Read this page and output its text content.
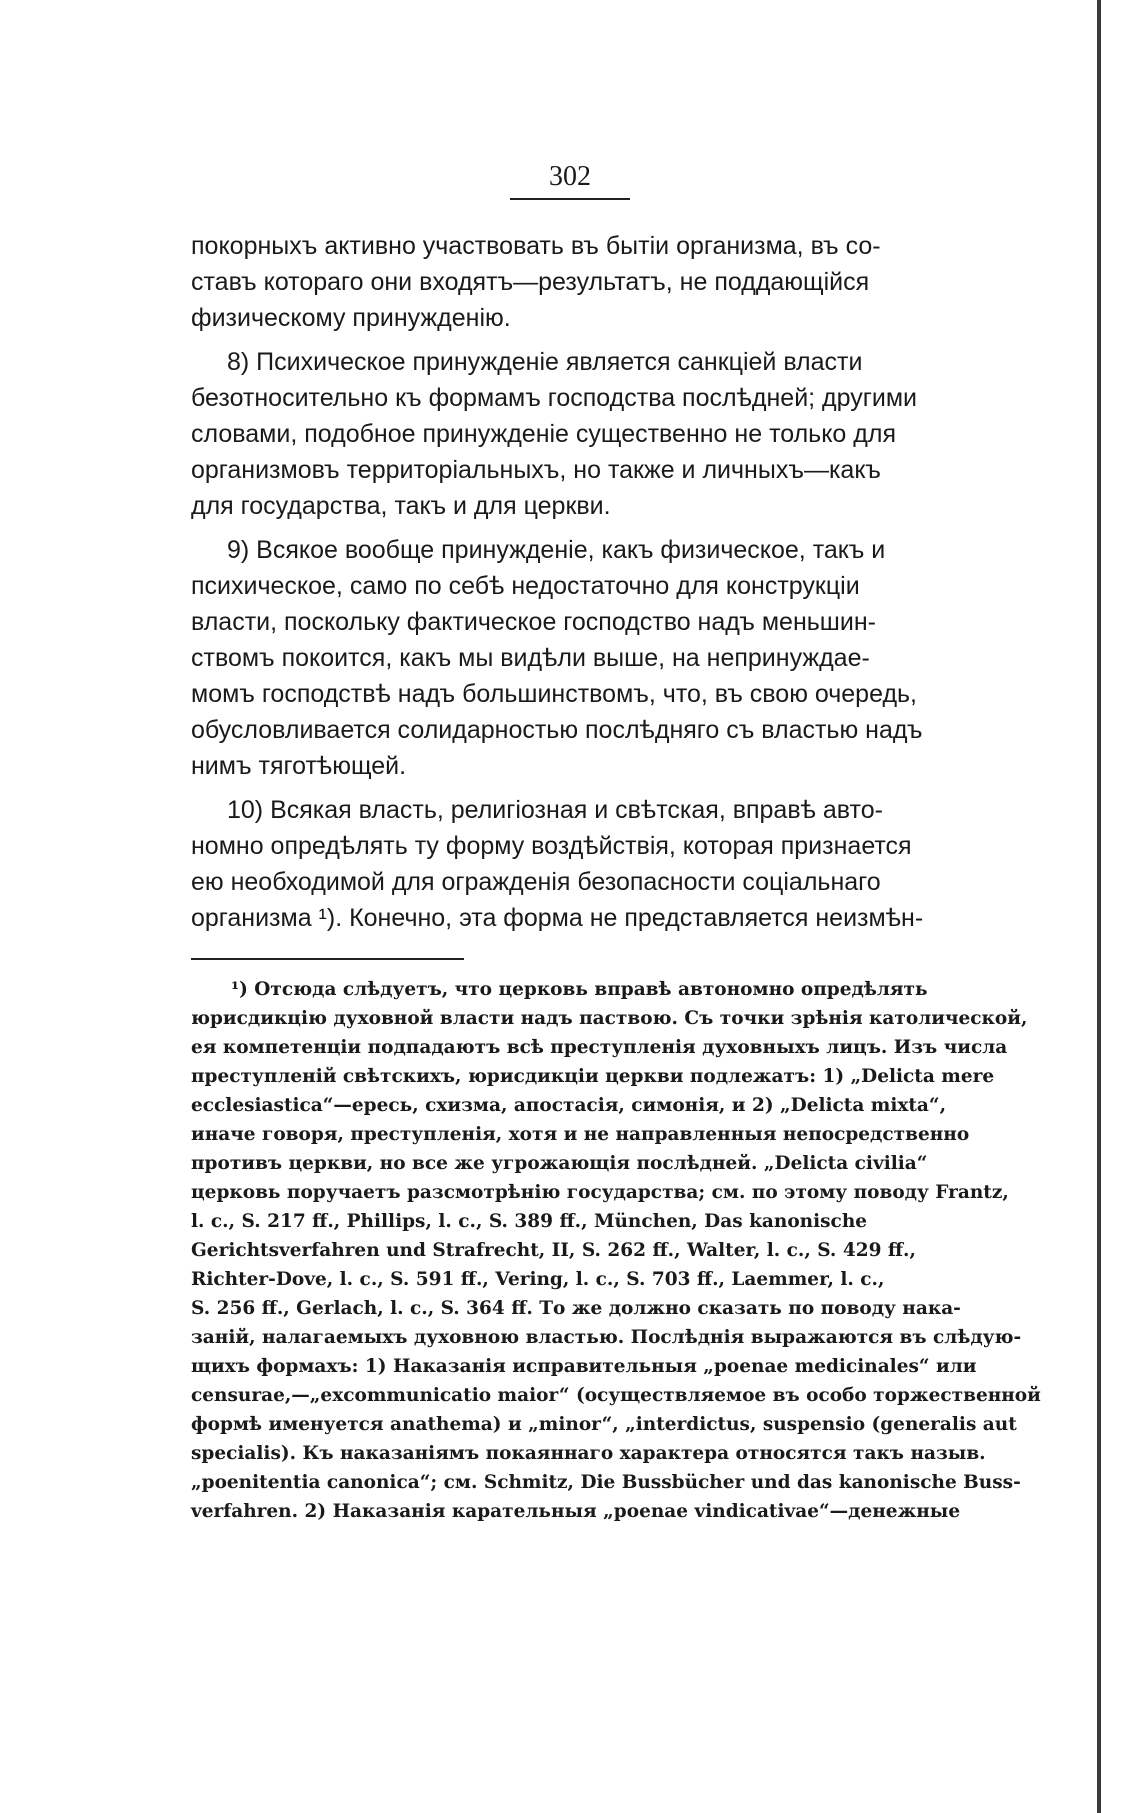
302
покорныхъ активно участвовать въ бытіи организма, въ со-
ставъ котораго они входятъ—результатъ, не поддающійся
физическому принужденію.
8) Психическое принужденіе является санкціей власти
безотносительно къ формамъ господства послѣдней; другими
словами, подобное принужденіе существенно не только для
организмовъ территоріальныхъ, но также и личныхъ—какъ
для государства, такъ и для церкви.
9) Всякое вообще принужденіе, какъ физическое, такъ и
психическое, само по себѣ недостаточно для конструкціи
власти, поскольку фактическое господство надъ меньшин-
ствомъ покоится, какъ мы видѣли выше, на непринуждае-
момъ господствѣ надъ большинствомъ, что, въ свою очередь,
обусловливается солидарностью послѣдняго съ властью надъ
нимъ тяготѣющей.
10) Всякая власть, религіозная и свѣтская, вправѣ авто-
номно опредѣлять ту форму воздѣйствія, которая признается
ею необходимой для огражденія безопасности соціальнаго
организма ¹). Конечно, эта форма не представляется неизмѣн-
¹) Отсюда слѣдуетъ, что церковь вправѣ автономно опредѣлять
юрисдикцію духовной власти надъ паствою. Съ точки зрѣнія католической,
ея компетенціи подпадаютъ всѣ преступленія духовныхъ лицъ. Изъ числа
преступленій свѣтскихъ, юрисдикціи церкви подлежатъ: 1) „Delicta mere
ecclesiastica“—ересь, схизма, апостасія, симонія, и 2) „Delicta mixta“,
иначе говоря, преступленія, хотя и не направленныя непосредственно
противъ церкви, но все же угрожающія послѣдней. „Delicta civilia“
церковь поручаетъ разсмотрѣнію государства; см. по этому поводу Frantz,
l. c., S. 217 ff., Phillips, l. c., S. 389 ff., München, Das kanonische
Gerichtsverfahren und Strafrecht, II, S. 262 ff., Walter, l. c., S. 429 ff.,
Richter-Dove, l. c., S. 591 ff., Vering, l. c., S. 703 ff., Laemmer, l. c.,
S. 256 ff., Gerlach, l. c., S. 364 ff. То же должно сказать по поводу нака-
заній, налагаемыхъ духовною властью. Послѣднія выражаются въ слѣдую-
щихъ формахъ: 1) Наказанія исправительныя „poenae medicinales“ или
censurae,—„excommunicatio maior“ (осуществляемое въ особо торжественной
формѣ именуется anathema) и „minor“, „interdictus, suspensio (generalis aut
specialis). Къ наказаніямъ покаяннаго характера относятся такъ назыв.
„poenitentia canonica“; см. Schmitz, Die Bussbücher und das kanonische Buss-
verfahren. 2) Наказанія карательныя „poenae vindicativae“—денежные
